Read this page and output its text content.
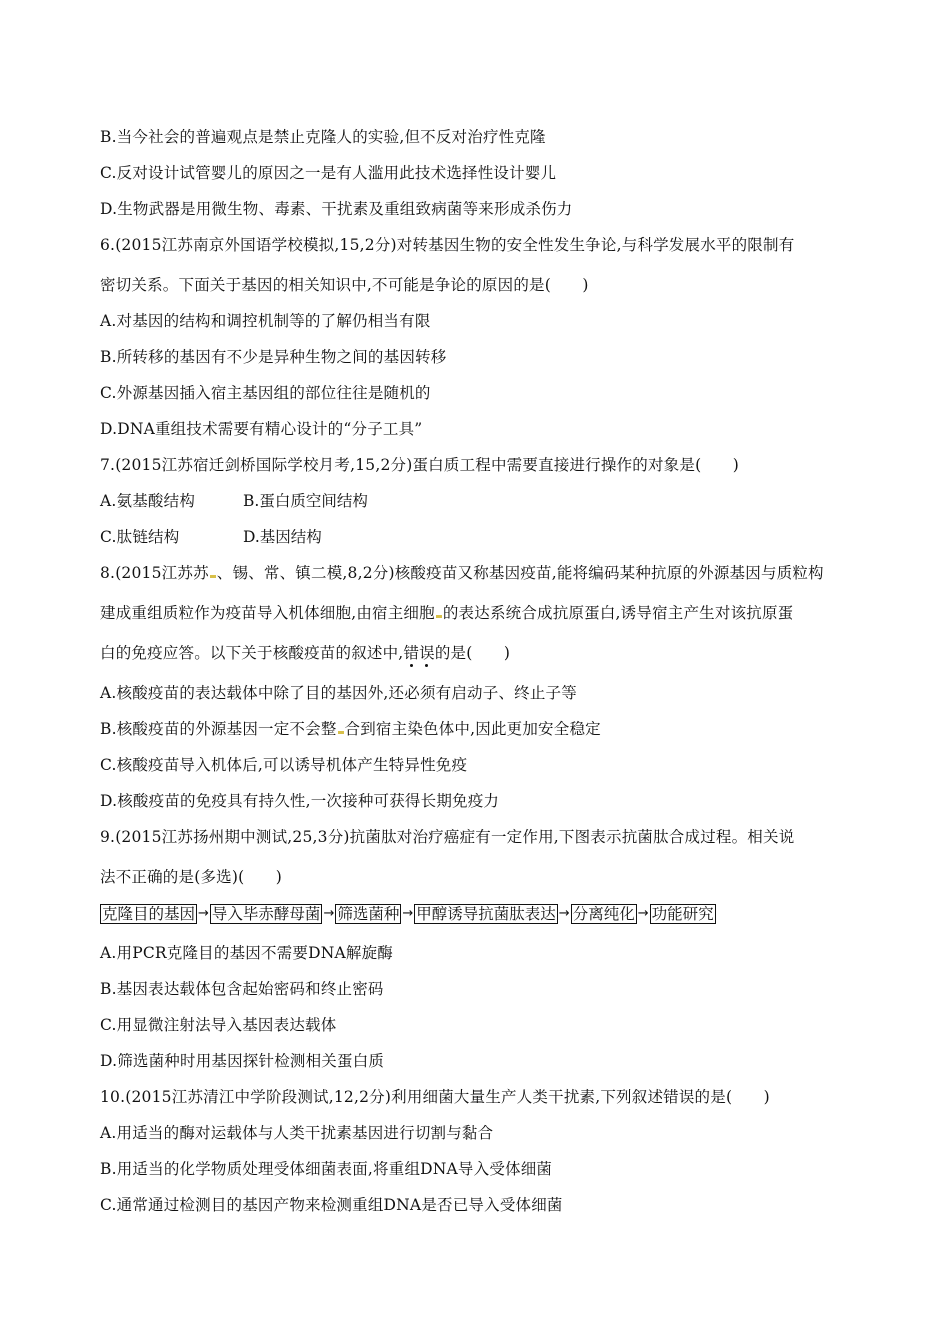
B.当今社会的普遍观点是禁止克隆人的实验,但不反对治疗性克隆
C.反对设计试管婴儿的原因之一是有人滥用此技术选择性设计婴儿
D.生物武器是用微生物、毒素、干扰素及重组致病菌等来形成杀伤力
6.(2015江苏南京外国语学校模拟,15,2分)对转基因生物的安全性发生争论,与科学发展水平的限制有
密切关系。下面关于基因的相关知识中,不可能是争论的原因的是(　　)
A.对基因的结构和调控机制等的了解仍相当有限
B.所转移的基因有不少是异种生物之间的基因转移
C.外源基因插入宿主基因组的部位往往是随机的
D.DNA重组技术需要有精心设计的“分子工具”
7.(2015江苏宿迁剑桥国际学校月考,15,2分)蛋白质工程中需要直接进行操作的对象是(　　)
A.氨基酸结构	B.蛋白质空间结构
C.肽链结构	D.基因结构
8.(2015江苏苏 、锡、常、镇二模,8,2分)核酸疫苗又称基因疫苗,能将编码某种抗原的外源基因与质粒构
建成重组质粒作为疫苗导入机体细胞,由宿主细胞 的表达系统合成抗原蛋白,诱导宿主产生对该抗原蛋
白的免疫应答。以下关于核酸疫苗的叙述中,错误的是(　　)
A.核酸疫苗的表达载体中除了目的基因外,还必须有启动子、终止子等
B.核酸疫苗的外源基因一定不会整 合到宿主染色体中,因此更加安全稳定
C.核酸疫苗导入机体后,可以诱导机体产生特异性免疫
D.核酸疫苗的免疫具有持久性,一次接种可获得长期免疫力
9.(2015江苏扬州期中测试,25,3分)抗菌肽对治疗癌症有一定作用,下图表示抗菌肽合成过程。相关说
法不正确的是(多选)(　　)
克隆目的基因 → 导入毕赤酵母菌 → 筛选菌种 → 甲醇诱导抗菌肽表达 → 分离纯化 → 功能研究
A.用PCR克隆目的基因不需要DNA解旋酶
B.基因表达载体包含起始密码和终止密码
C.用显微注射法导入基因表达载体
D.筛选菌种时用基因探针检测相关蛋白质
10.(2015江苏清江中学阶段测试,12,2分)利用细菌大量生产人类干扰素,下列叙述错误的是(　　)
A.用适当的酶对运载体与人类干扰素基因进行切割与黏合
B.用适当的化学物质处理受体细菌表面,将重组DNA导入受体细菌
C.通常通过检测目的基因产物来检测重组DNA是否已导入受体细菌
